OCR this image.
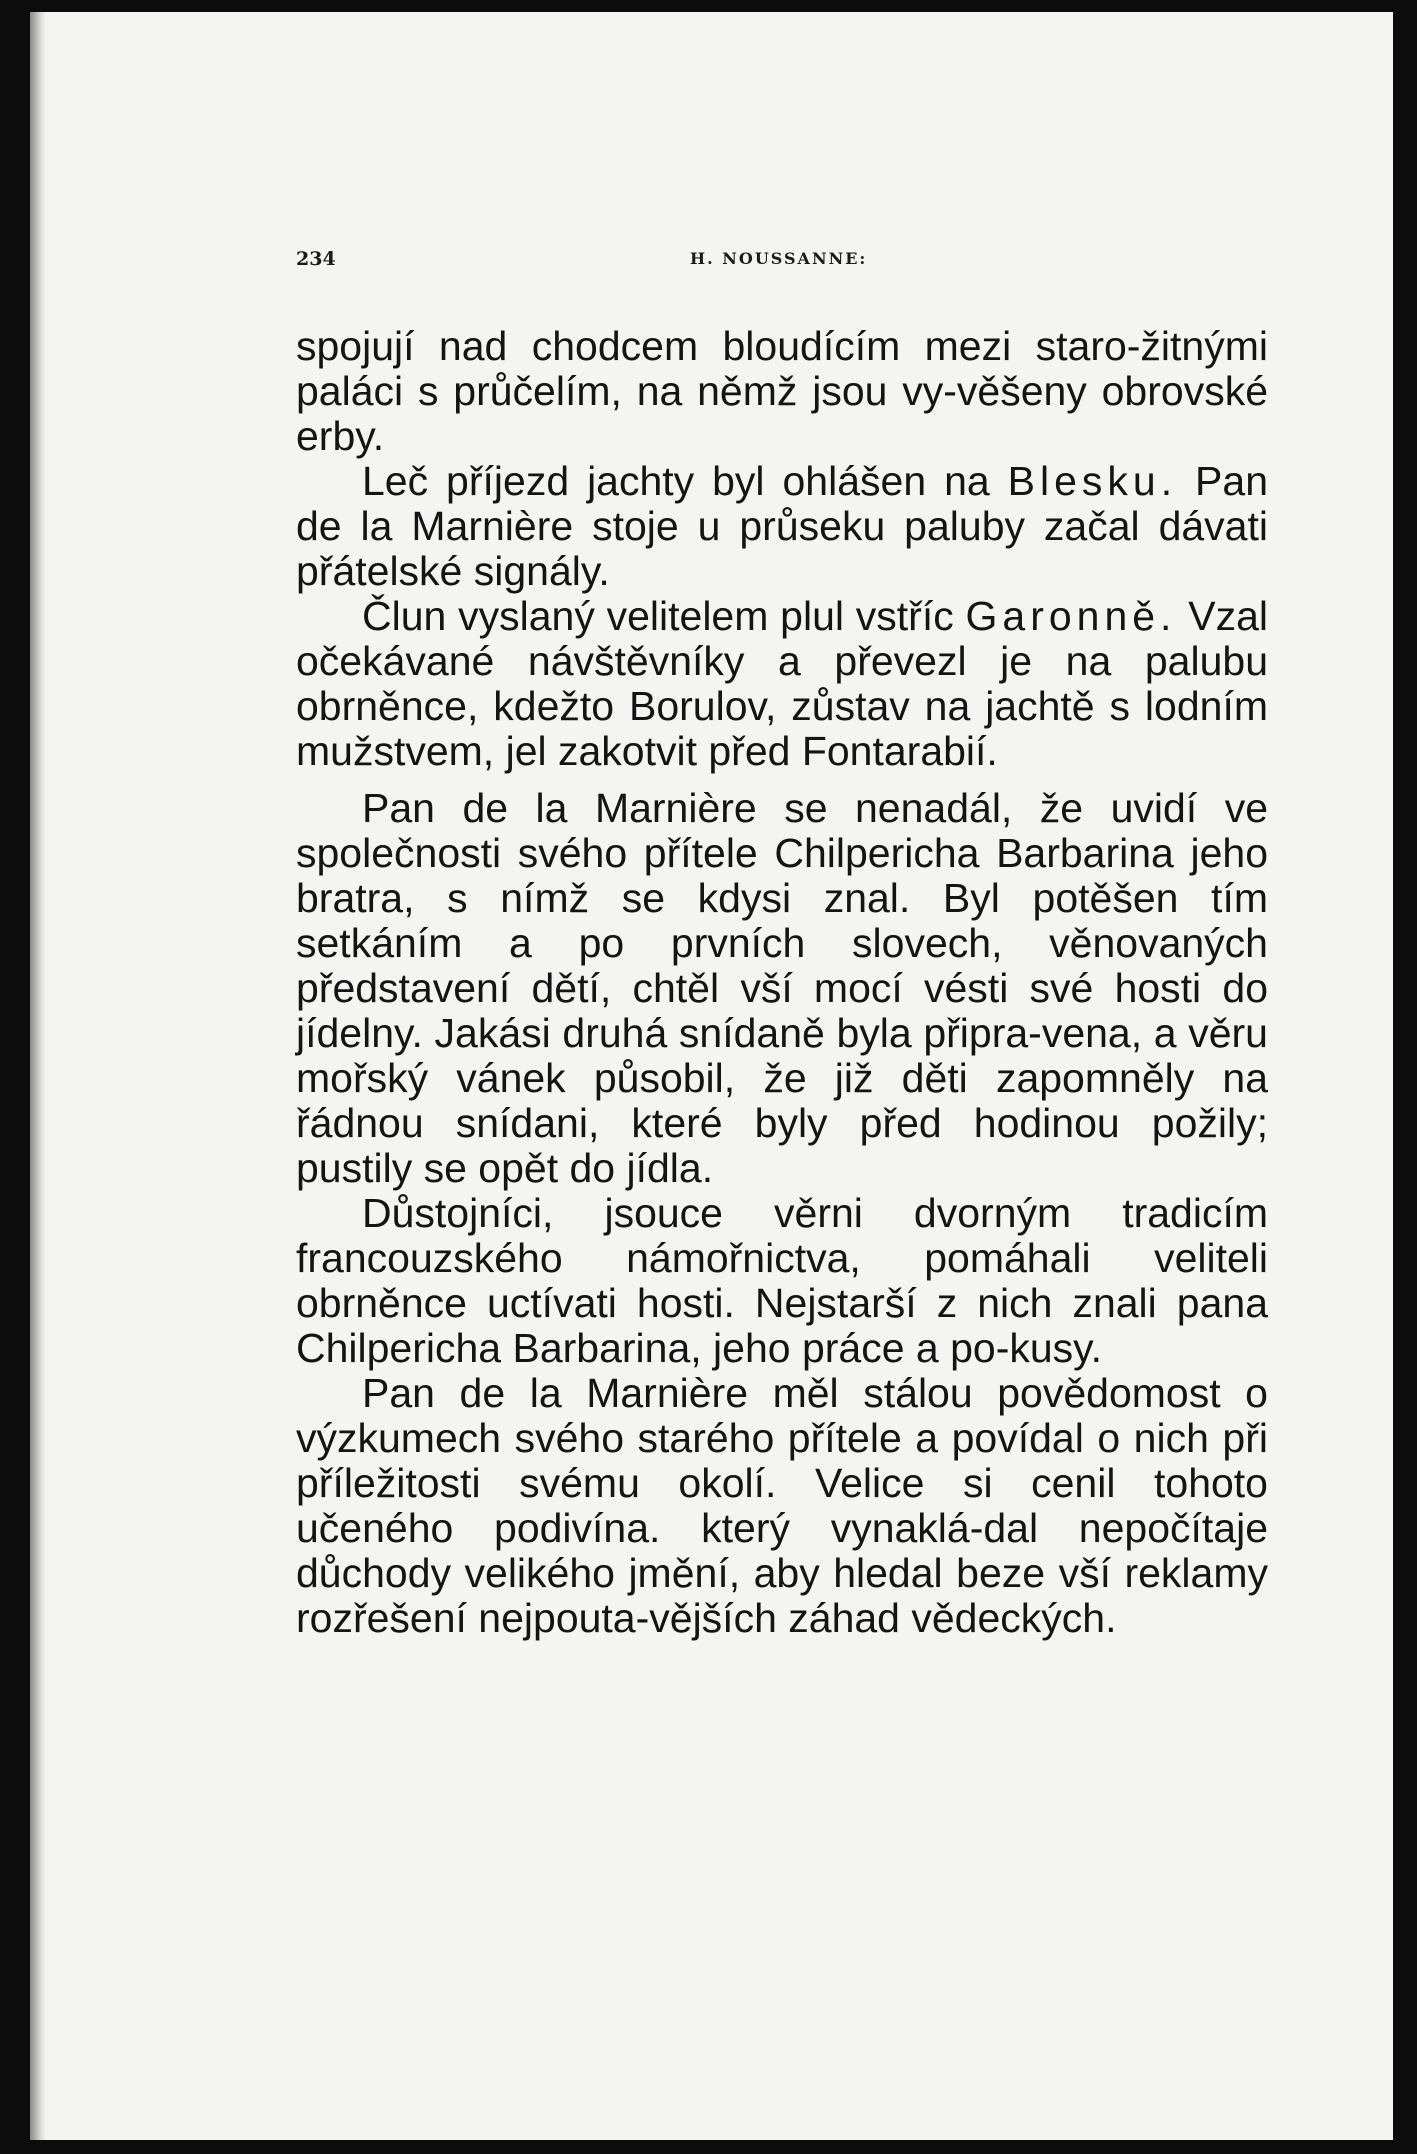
234	H. NOUSSANNE:

spojují nad chodcem bloudícím mezi staro-žitnými paláci s průčelím, na němž jsou vy-věšeny obrovské erby.

Leč příjezd jachty byl ohlášen na Blesku. Pan de la Marnière stoje u průseku paluby začal dávati přátelské signály.

Člun vyslaný velitelem plul vstříc Garonně. Vzal očekávané návštěvníky a převezl je na palubu obrněnce, kdežto Borulov, zůstav na jachtě s lodním mužstvem, jel zakotvit před Fontarabií.

Pan de la Marnière se nenadál, že uvidí ve společnosti svého přítele Chilpericha Barbarina jeho bratra, s nímž se kdysi znal. Byl potěšen tím setkáním a po prvních slovech, věnovaných představení dětí, chtěl vší mocí vésti své hosti do jídelny. Jakási druhá snídaně byla připra-vena, a věru mořský vánek působil, že již děti zapomněly na řádnou snídani, které byly před hodinou požily; pustily se opět do jídla.

Důstojníci, jsouce věrni dvorným tradicím francouzského námořnictva, pomáhali veliteli obrněnce uctívati hosti. Nejstarší z nich znali pana Chilpericha Barbarina, jeho práce a po-kusy.

Pan de la Marnière měl stálou povědomost o výzkumech svého starého přítele a povídal o nich při příležitosti svému okolí. Velice si cenil tohoto učeného podivína. který vynaklá-dal nepočítaje důchody velikého jmění, aby hledal beze vší reklamy rozřešení nejpouta-vějších záhad vědeckých.
